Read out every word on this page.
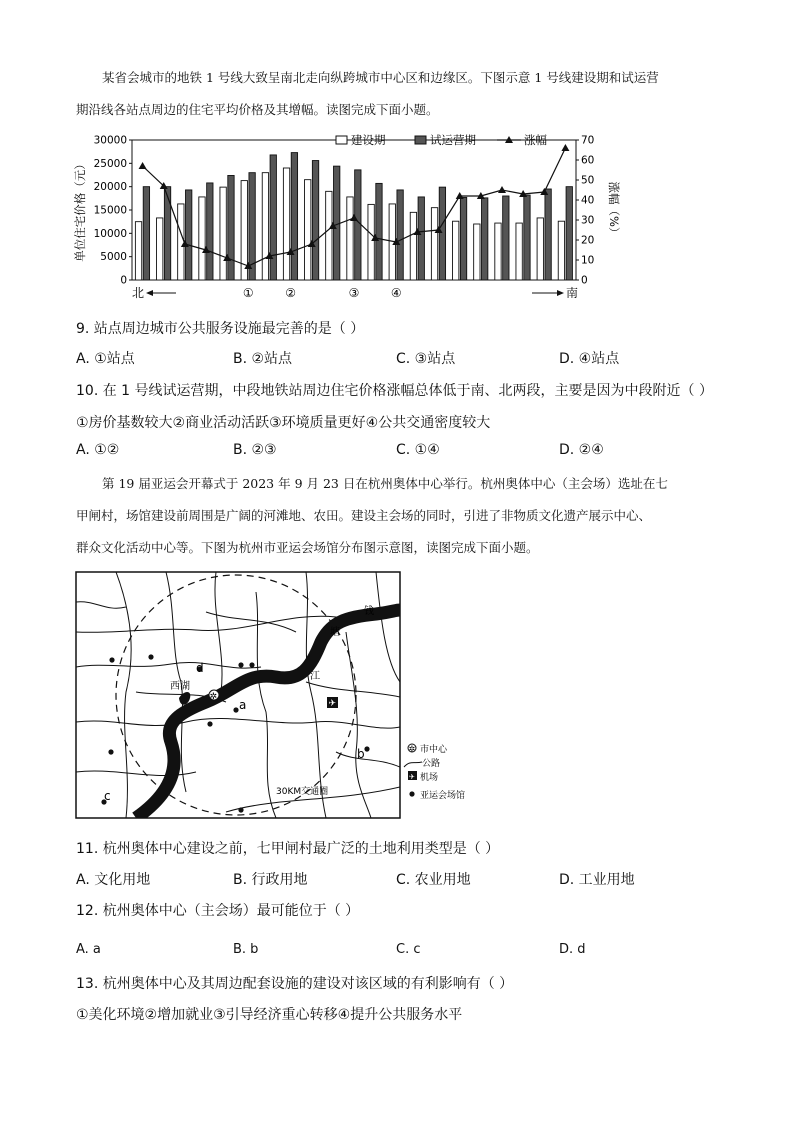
某省会城市的地铁 1 号线大致呈南北走向纵跨城市中心区和边缘区。下图示意 1 号线建设期和试运营
期沿线各站点周边的住宅平均价格及其增幅。读图完成下面小题。
0
5000
10000
15000
20000
25000
30000
0
10
20
30
40
50
60
70
建设期	试运营期	涨幅
单位住宅价格（元）	涨幅（%）
北	南
①	②	③	④
9. 站点周边城市公共服务设施最完善的是（ ）
A. ①站点	B. ②站点	C. ③站点	D. ④站点
10. 在 1 号线试运营期，中段地铁站周边住宅价格涨幅总体低于南、北两段，主要是因为中段附近（ ）
①房价基数较大②商业活动活跃③环境质量更好④公共交通密度较大
A. ①②	B. ②③	C. ①④	D. ②④
第 19 届亚运会开幕式于 2023 年 9 月 23 日在杭州奥体中心举行。杭州奥体中心（主会场）选址在七
甲闸村，场馆建设前周围是广阔的河滩地、农田。建设主会场的同时，引进了非物质文化遗产展示中心、
群众文化活动中心等。下图为杭州市亚运会场馆分布图示意图，读图完成下面小题。
西湖
钱
塘
江
✲
✈
a
b
c
d
30KM交通圈
✲ 市中心
公路
✈ 机场
亚运会场馆
11. 杭州奥体中心建设之前，七甲闸村最广泛的土地利用类型是（ ）
A. 文化用地	B. 行政用地	C. 农业用地	D. 工业用地
12. 杭州奥体中心（主会场）最可能位于（ ）
A. a	B. b	C. c	D. d
13. 杭州奥体中心及其周边配套设施的建设对该区域的有利影响有（ ）
①美化环境②增加就业③引导经济重心转移④提升公共服务水平
